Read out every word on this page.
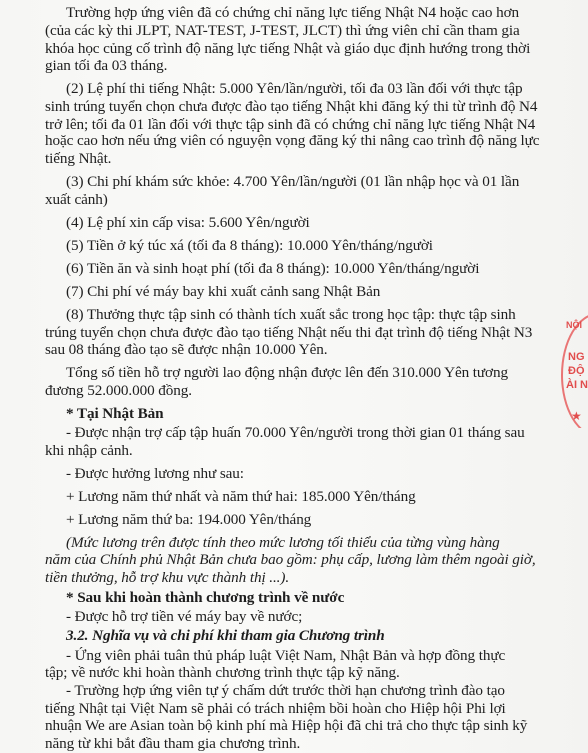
Trường hợp ứng viên đã có chứng chỉ năng lực tiếng Nhật N4 hoặc cao hơn
(của các kỳ thi JLPT, NAT-TEST, J-TEST, JLCT) thì ứng viên chỉ cần tham gia
khóa học củng cố trình độ năng lực tiếng Nhật và giáo dục định hướng trong thời
gian tối đa 03 tháng.
(2) Lệ phí thi tiếng Nhật: 5.000 Yên/lần/người, tối đa 03 lần đối với thực tập
sinh trúng tuyển chọn chưa được đào tạo tiếng Nhật khi đăng ký thi từ trình độ N4
trở lên; tối đa 01 lần đối với thực tập sinh đã có chứng chỉ năng lực tiếng Nhật N4
hoặc cao hơn nếu ứng viên có nguyện vọng đăng ký thi nâng cao trình độ năng lực
tiếng Nhật.
(3) Chi phí khám sức khỏe: 4.700 Yên/lần/người (01 lần nhập học và 01 lần
xuất cảnh)
(4) Lệ phí xin cấp visa: 5.600 Yên/người
(5) Tiền ở ký túc xá (tối đa 8 tháng): 10.000 Yên/tháng/người
(6) Tiền ăn và sinh hoạt phí (tối đa 8 tháng): 10.000 Yên/tháng/người
(7) Chi phí vé máy bay khi xuất cảnh sang Nhật Bản
(8) Thưởng thực tập sinh có thành tích xuất sắc trong học tập: thực tập sinh
trúng tuyển chọn chưa được đào tạo tiếng Nhật nếu thi đạt trình độ tiếng Nhật N3
sau 08 tháng đào tạo sẽ được nhận 10.000 Yên.
Tổng số tiền hỗ trợ người lao động nhận được lên đến 310.000 Yên tương
đương 52.000.000 đồng.
* Tại Nhật Bản
- Được nhận trợ cấp tập huấn 70.000 Yên/người trong thời gian 01 tháng sau
khi nhập cảnh.
- Được hưởng lương như sau:
+ Lương năm thứ nhất và năm thứ hai: 185.000 Yên/tháng
+ Lương năm thứ ba: 194.000 Yên/tháng
(Mức lương trên được tính theo mức lương tối thiểu của từng vùng hàng
năm của Chính phủ Nhật Bản chưa bao gồm: phụ cấp, lương làm thêm ngoài giờ,
tiền thưởng, hỗ trợ khu vực thành thị ...).
* Sau khi hoàn thành chương trình về nước
- Được hỗ trợ tiền vé máy bay về nước;
3.2. Nghĩa vụ và chi phí khi tham gia Chương trình
- Ứng viên phải tuân thủ pháp luật Việt Nam, Nhật Bản và hợp đồng thực
tập; về nước khi hoàn thành chương trình thực tập kỹ năng.
- Trường hợp ứng viên tự ý chấm dứt trước thời hạn chương trình đào tạo
tiếng Nhật tại Việt Nam sẽ phải có trách nhiệm bồi hoàn cho Hiệp hội Phi lợi
nhuận We are Asian toàn bộ kinh phí mà Hiệp hội đã chi trả cho thực tập sinh kỹ
năng từ khi bắt đầu tham gia chương trình.
NỘI
NG
ĐỘ
ÀI N
★
